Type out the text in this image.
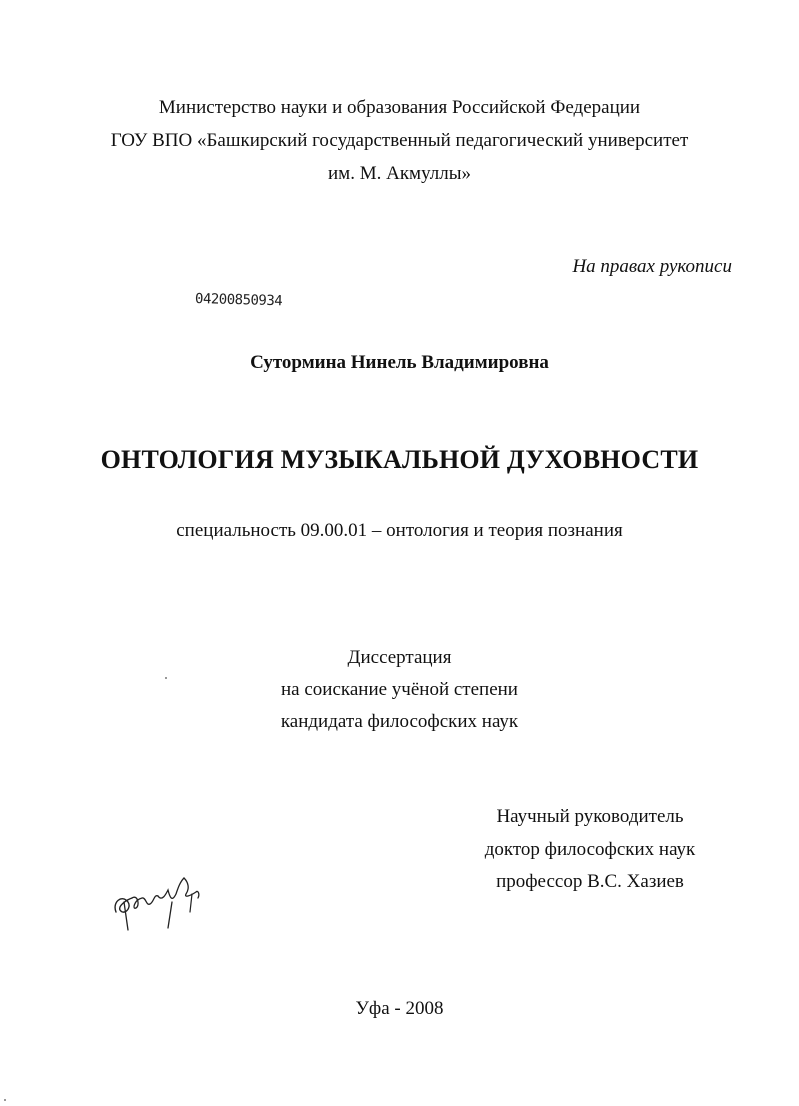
Министерство науки и образования Российской Федерации
ГОУ ВПО «Башкирский государственный педагогический университет
им. М. Акмуллы»
На правах рукописи
04200850934
Сутормина Нинель Владимировна
ОНТОЛОГИЯ МУЗЫКАЛЬНОЙ ДУХОВНОСТИ
специальность 09.00.01 – онтология и теория познания
Диссертация
на соискание учёной степени
кандидата философских наук
Научный руководитель
доктор философских наук
профессор В.С. Хазиев
Уфа - 2008
